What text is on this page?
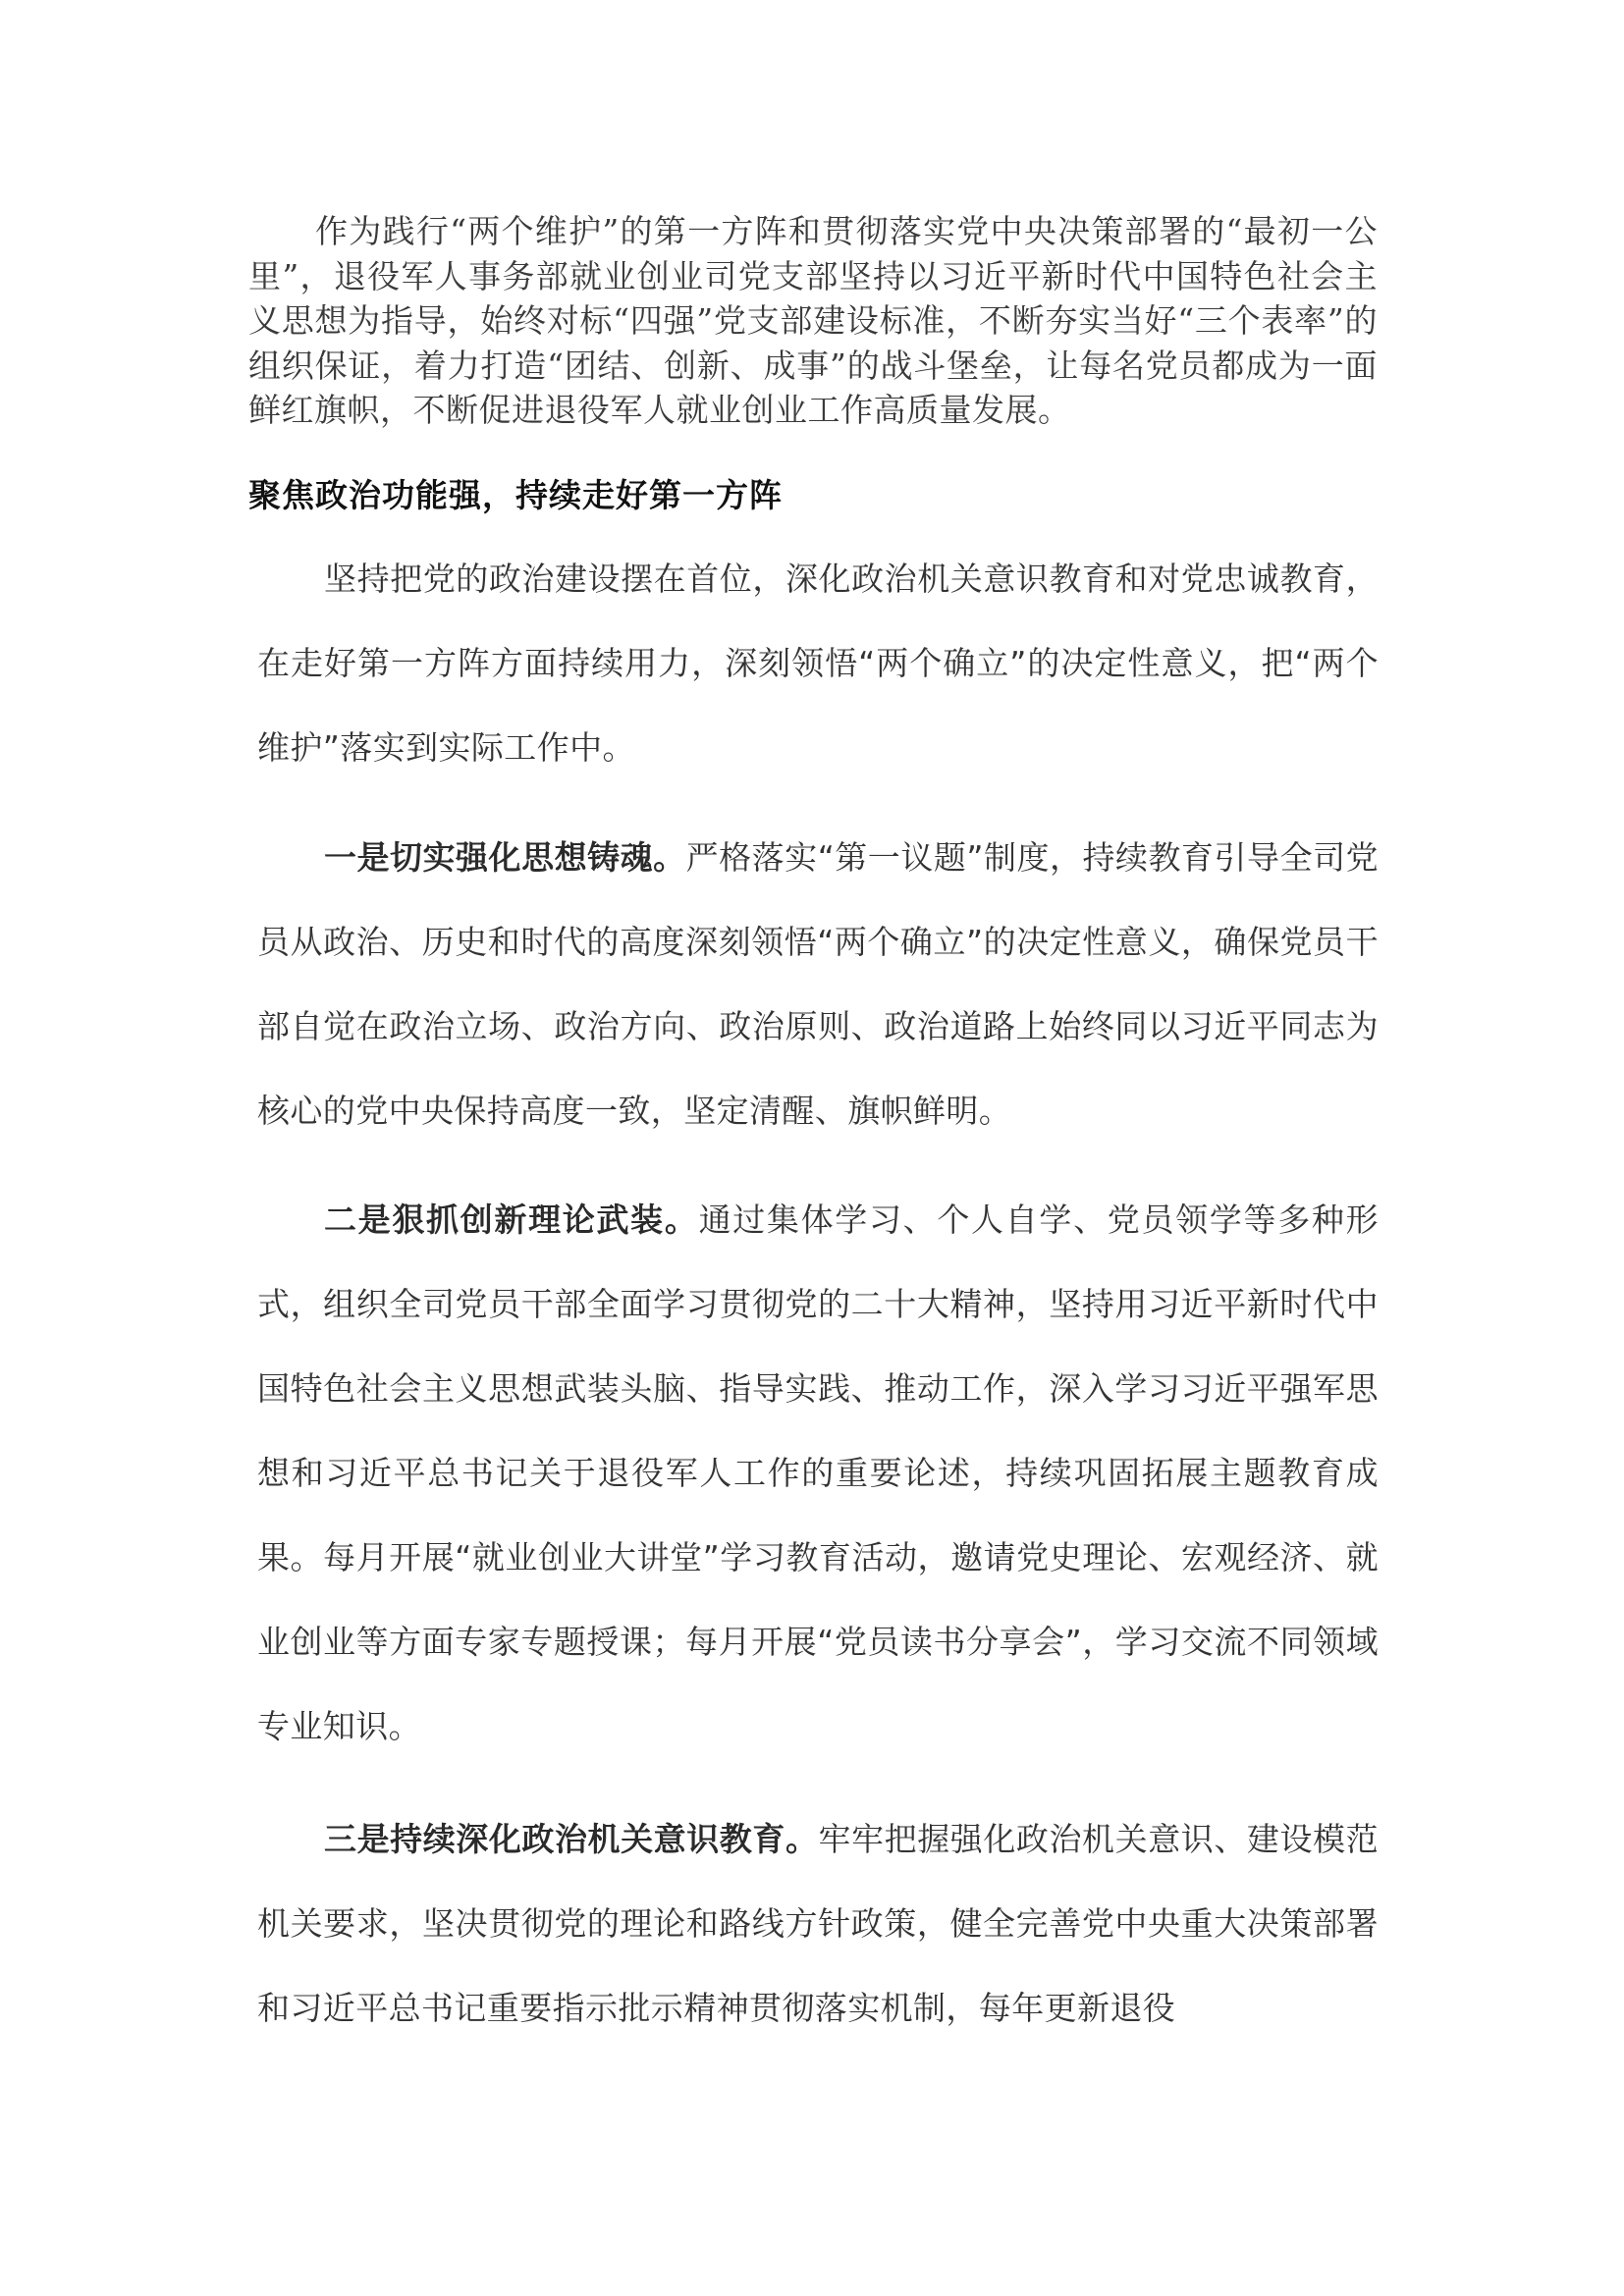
作为践行“两个维护”的第一方阵和贯彻落实党中央决策部署的“最初一公里”，退役军人事务部就业创业司党支部坚持以习近平新时代中国特色社会主义思想为指导，始终对标“四强”党支部建设标准，不断夯实当好“三个表率”的组织保证，着力打造“团结、创新、成事”的战斗堡垒，让每名党员都成为一面鲜红旗帜，不断促进退役军人就业创业工作高质量发展。

聚焦政治功能强，持续走好第一方阵

坚持把党的政治建设摆在首位，深化政治机关意识教育和对党忠诚教育，在走好第一方阵方面持续用力，深刻领悟“两个确立”的决定性意义，把“两个维护”落实到实际工作中。

一是切实强化思想铸魂。严格落实“第一议题”制度，持续教育引导全司党员从政治、历史和时代的高度深刻领悟“两个确立”的决定性意义，确保党员干部自觉在政治立场、政治方向、政治原则、政治道路上始终同以习近平同志为核心的党中央保持高度一致，坚定清醒、旗帜鲜明。

二是狠抓创新理论武装。通过集体学习、个人自学、党员领学等多种形式，组织全司党员干部全面学习贯彻党的二十大精神，坚持用习近平新时代中国特色社会主义思想武装头脑、指导实践、推动工作，深入学习习近平强军思想和习近平总书记关于退役军人工作的重要论述，持续巩固拓展主题教育成果。每月开展“就业创业大讲堂”学习教育活动，邀请党史理论、宏观经济、就业创业等方面专家专题授课；每月开展“党员读书分享会”，学习交流不同领域专业知识。

三是持续深化政治机关意识教育。牢牢把握强化政治机关意识、建设模范机关要求，坚决贯彻党的理论和路线方针政策，健全完善党中央重大决策部署和习近平总书记重要指示批示精神贯彻落实机制，每年更新退役
